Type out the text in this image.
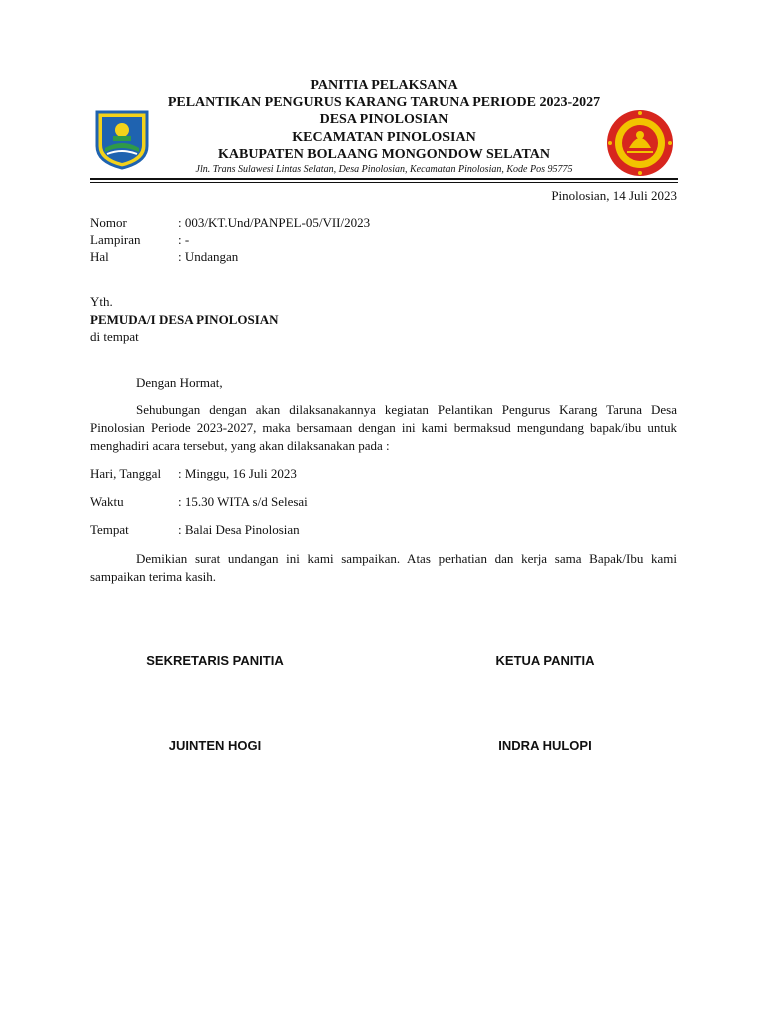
PANITIA PELAKSANA
PELANTIKAN PENGURUS KARANG TARUNA PERIODE 2023-2027
DESA PINOLOSIAN
KECAMATAN PINOLOSIAN
KABUPATEN BOLAANG MONGONDOW SELATAN
Jln. Trans Sulawesi Lintas Selatan, Desa Pinolosian, Kecamatan Pinolosian, Kode Pos 95775
Pinolosian, 14 Juli 2023
Nomor	: 003/KT.Und/PANPEL-05/VII/2023
Lampiran	: -
Hal	: Undangan
Yth.
PEMUDA/I DESA PINOLOSIAN
di tempat
Dengan Hormat,
Sehubungan dengan akan dilaksanakannya kegiatan Pelantikan Pengurus Karang Taruna Desa Pinolosian Periode 2023-2027, maka bersamaan dengan ini kami bermaksud mengundang bapak/ibu untuk menghadiri acara tersebut, yang akan dilaksanakan pada :
Hari, Tanggal	: Minggu, 16 Juli 2023
Waktu	: 15.30 WITA s/d Selesai
Tempat	: Balai Desa Pinolosian
Demikian surat undangan ini kami sampaikan. Atas perhatian dan kerja sama Bapak/Ibu kami sampaikan terima kasih.
SEKRETARIS PANITIA	KETUA PANITIA
JUINTEN HOGI	INDRA HULOPI
